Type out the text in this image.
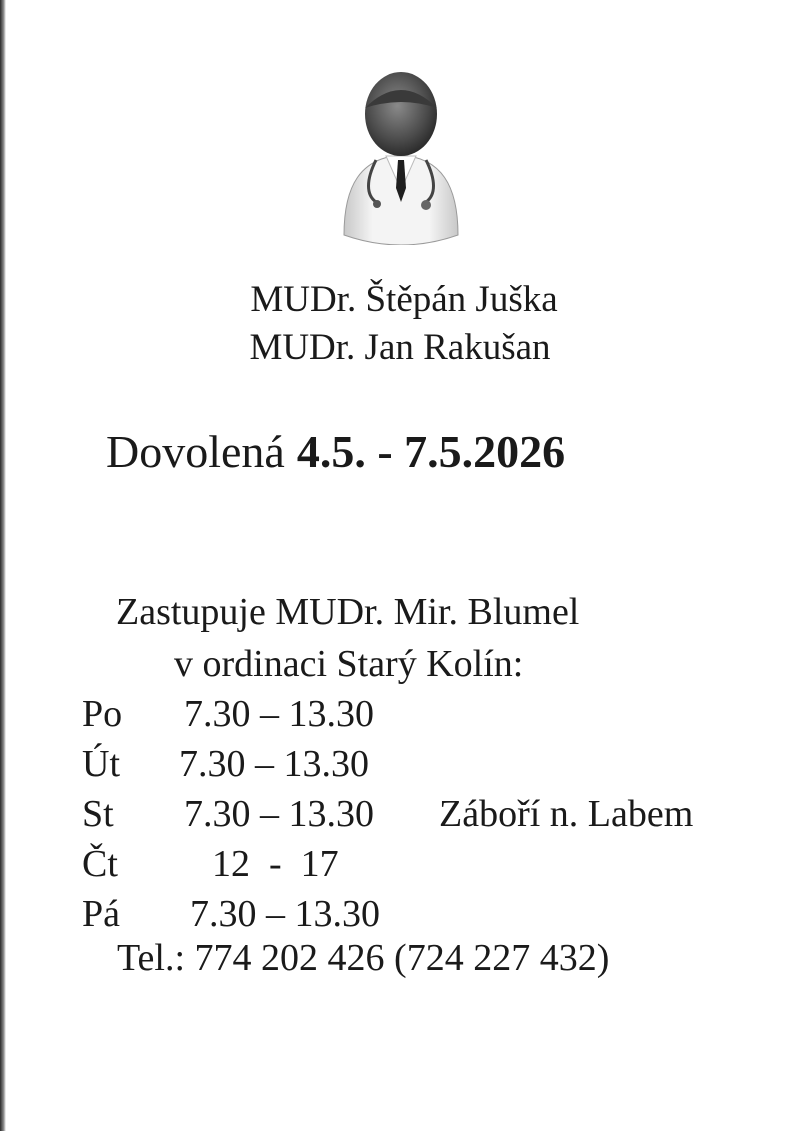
MUDr. Štěpán Juška
MUDr. Jan Rakušan
Dovolená 4.5. - 7.5.2026
Zastupuje MUDr. Mir. Blumel
v ordinaci Starý Kolín:
Po 7.30 – 13.30
Út 7.30 – 13.30
St 7.30 – 13.30 Záboří n. Labem
Čt 12  -  17
Pá 7.30 – 13.30
Tel.: 774 202 426 (724 227 432)
